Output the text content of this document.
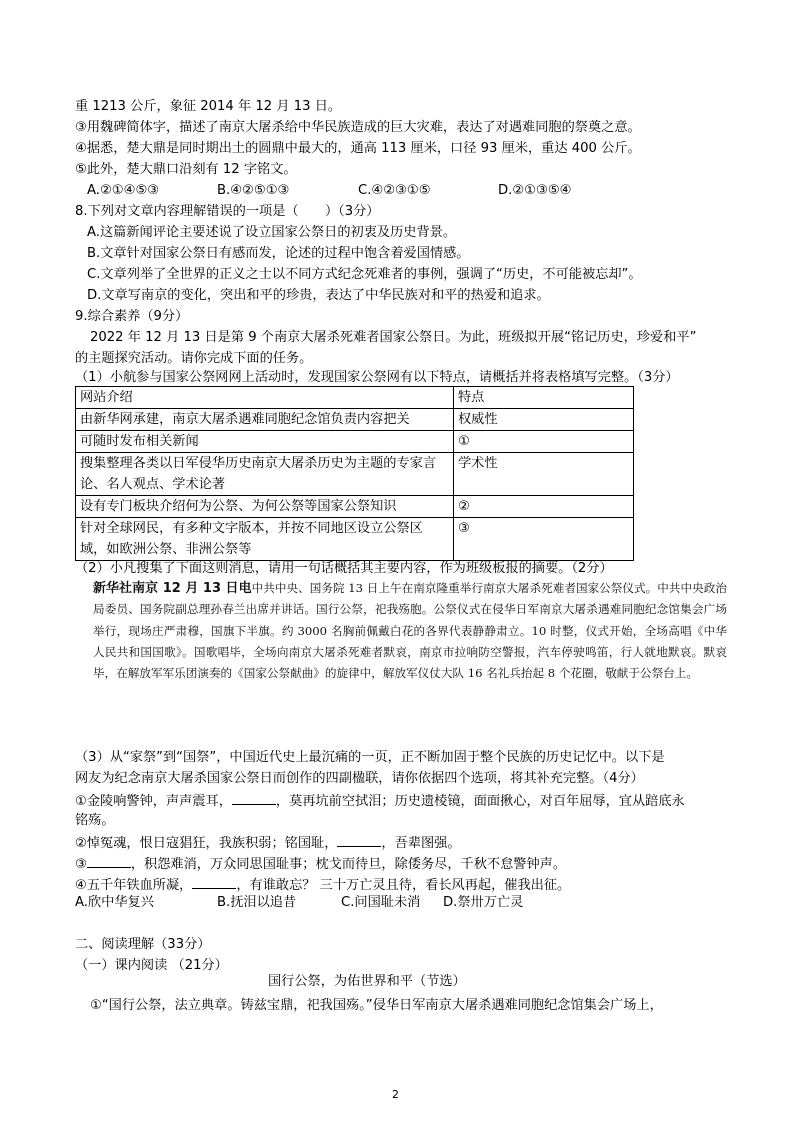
重 1213 公斤，象征 2014 年 12 月 13 日。
③用魏碑简体字，描述了南京大屠杀给中华民族造成的巨大灾难，表达了对遇难同胞的祭奠之意。
④据悉，楚大鼎是同时期出土的圆鼎中最大的，通高 113 厘米，口径 93 厘米，重达 400 公斤。
⑤此外，楚大鼎口沿刻有 12 字铭文。
A.②①④⑤③	B.④②⑤①③	C.④②③①⑤	D.②①③⑤④
8.下列对文章内容理解错误的一项是（　　）（3分）
A.这篇新闻评论主要述说了设立国家公祭日的初衷及历史背景。
B.文章针对国家公祭日有感而发，论述的过程中饱含着爱国情感。
C.文章列举了全世界的正义之士以不同方式纪念死难者的事例，强调了“历史，不可能被忘却”。
D.文章写南京的变化，突出和平的珍贵，表达了中华民族对和平的热爱和追求。
9.综合素养（9分）
2022 年 12 月 13 日是第 9 个南京大屠杀死难者国家公祭日。为此，班级拟开展“铭记历史，珍爱和平”
的主题探究活动。请你完成下面的任务。
（1）小航参与国家公祭网网上活动时，发现国家公祭网有以下特点，请概括并将表格填写完整。（3分）
网站介绍	特点
由新华网承建，南京大屠杀遇难同胞纪念馆负责内容把关	权威性
可随时发布相关新闻	①
搜集整理各类以日军侵华历史南京大屠杀历史为主题的专家言论、名人观点、学术论著	学术性
设有专门板块介绍何为公祭、为何公祭等国家公祭知识	②
针对全球网民，有多种文字版本，并按不同地区设立公祭区域，如欧洲公祭、非洲公祭等	③
（2）小凡搜集了下面这则消息，请用一句话概括其主要内容，作为班级板报的摘要。（2分）
新华社南京 12 月 13 日电中共中央、国务院 13 日上午在南京隆重举行南京大屠杀死难者国家公祭仪式。中共中央政治局委员、国务院副总理孙春兰出席并讲话。国行公祭，祀我殇胞。公祭仪式在侵华日军南京大屠杀遇难同胞纪念馆集会广场举行，现场庄严肃穆，国旗下半旗。约 3000 名胸前佩戴白花的各界代表静静肃立。10 时整，仪式开始，全场高唱《中华人民共和国国歌》。国歌唱毕，全场向南京大屠杀死难者默哀，南京市拉响防空警报，汽车停驶鸣笛，行人就地默哀。默哀毕，在解放军军乐团演奏的《国家公祭献曲》的旋律中，解放军仪仗大队 16 名礼兵抬起 8 个花圈，敬献于公祭台上。
（3）从“家祭”到“国祭”，中国近代史上最沉痛的一页，正不断加固于整个民族的历史记忆中。以下是
网友为纪念南京大屠杀国家公祭日而创作的四副楹联，请你依据四个选项，将其补充完整。（4分）
①金陵响警钟，声声震耳，	，莫再坑前空拭泪；历史遗棱镜，面面揪心，对百年屈辱，宜从踣底永
铭殇。
②悼冤魂，恨日寇猖狂，我族积弱；铭国耻，	，吾辈图强。
③	，积怨难消，万众同思国耻事；枕戈而待旦，除倭务尽，千秋不怠警钟声。
④五千年铁血所凝，	，有谁敢忘？ 三十万亡灵且待，看长风再起，催我出征。
A.欣中华复兴	B.抚泪以追昔	C.问国耻未消 D.祭卅万亡灵
二、阅读理解（33分）
（一）课内阅读 （21分）
国行公祭，为佑世界和平（节选）
①“国行公祭，法立典章。铸兹宝鼎，祀我国殇。”侵华日军南京大屠杀遇难同胞纪念馆集会广场上，
2
